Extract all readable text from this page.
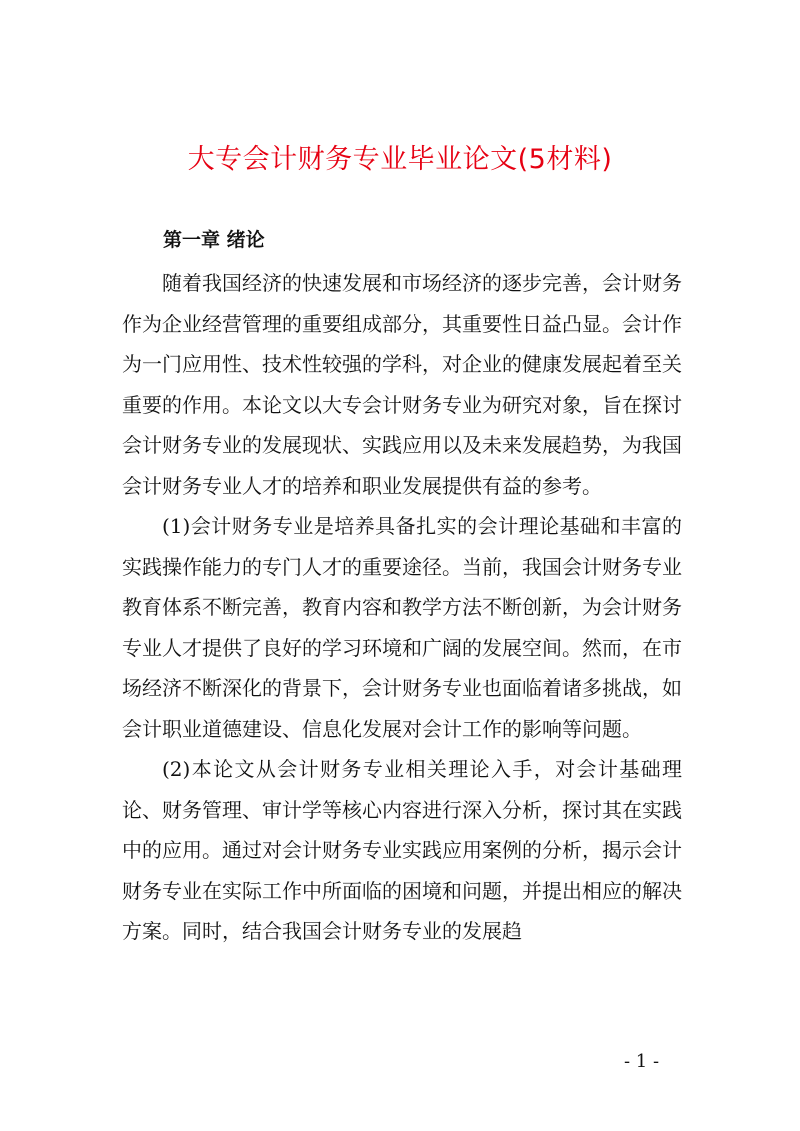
大专会计财务专业毕业论文(5材料)
第一章 绪论

随着我国经济的快速发展和市场经济的逐步完善，会计财务作为企业经营管理的重要组成部分，其重要性日益凸显。会计作为一门应用性、技术性较强的学科，对企业的健康发展起着至关重要的作用。本论文以大专会计财务专业为研究对象，旨在探讨会计财务专业的发展现状、实践应用以及未来发展趋势，为我国会计财务专业人才的培养和职业发展提供有益的参考。

(1)会计财务专业是培养具备扎实的会计理论基础和丰富的实践操作能力的专门人才的重要途径。当前，我国会计财务专业教育体系不断完善，教育内容和教学方法不断创新，为会计财务专业人才提供了良好的学习环境和广阔的发展空间。然而，在市场经济不断深化的背景下，会计财务专业也面临着诸多挑战，如会计职业道德建设、信息化发展对会计工作的影响等问题。

(2)本论文从会计财务专业相关理论入手，对会计基础理论、财务管理、审计学等核心内容进行深入分析，探讨其在实践中的应用。通过对会计财务专业实践应用案例的分析，揭示会计财务专业在实际工作中所面临的困境和问题，并提出相应的解决方案。同时，结合我国会计财务专业的发展趋

- 1 -
